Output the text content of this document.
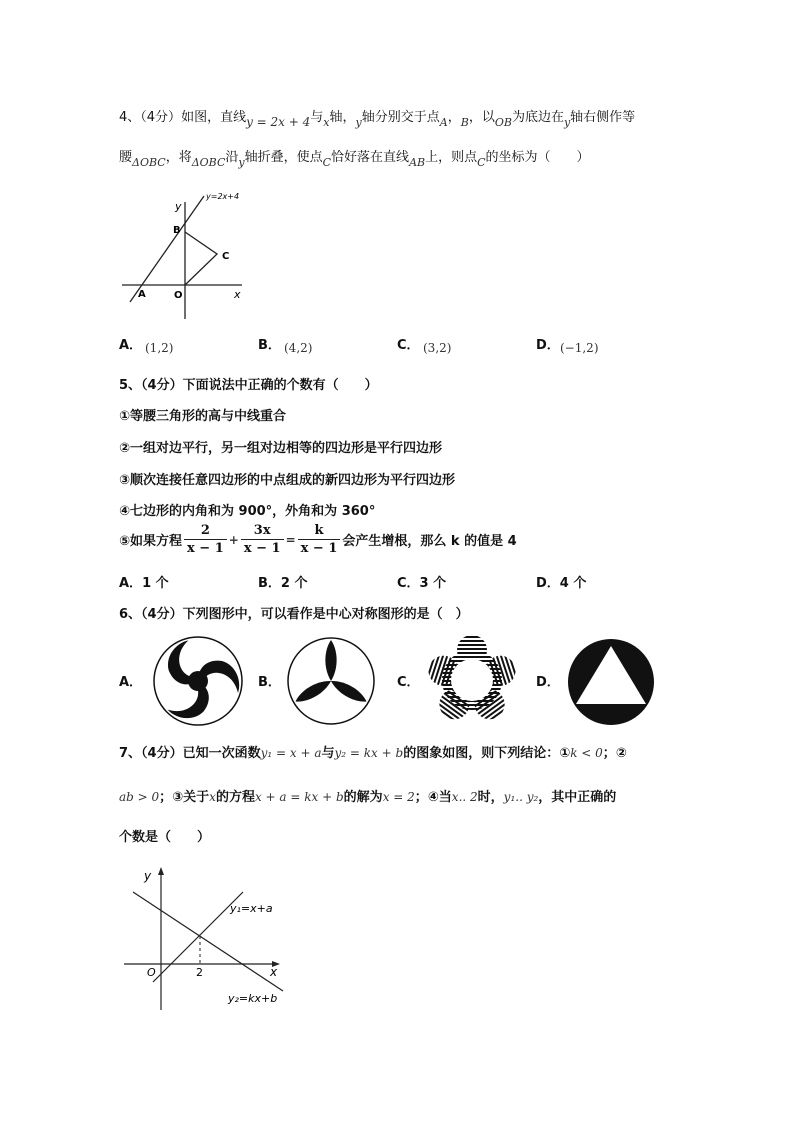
4、（4分）如图，直线y = 2x + 4与$_x$轴，$_y$轴分别交于点$_A$，$_B$，以$_{OB}$为底边在$_y$轴右侧作等
腰$_{\Delta OBC}$，将$_{\Delta OBC}$沿$_y$轴折叠，使点$_C$恰好落在直线$_{AB}$上，则点$_C$的坐标为（　　）
y=2x+4
y
B
C
A	O	x
A． (1,2)	B． (4,2)	C． (3,2)	D． (−1,2)
5、（4分）下面说法中正确的个数有（　　）
①等腰三角形的高与中线重合
②一组对边平行，另一组对边相等的四边形是平行四边形
③顺次连接任意四边形的中点组成的新四边形为平行四边形
④七边形的内角和为 900°，外角和为 360°
⑤如果方程 $\frac{2}{x - 1} + \frac{3x}{x - 1} = \frac{k}{x - 1}$ 会产生增根，那么 k 的值是 4
A．1 个	B．2 个	C．3 个	D．4 个
6、（4分）下列图形中，可以看作是中心对称图形的是（　）
A．	B．	C．	D．
7、（4分）已知一次函数y₁ = x + a与y₂ = kx + b的图象如图，则下列结论：①k < 0；②
ab > 0；③关于x的方程x + a = kx + b的解为x = 2；④当x.. 2时，y₁.. y₂，其中正确的
个数是（　　）
y
O	2	x
y₁=x+a
y₂=kx+b
